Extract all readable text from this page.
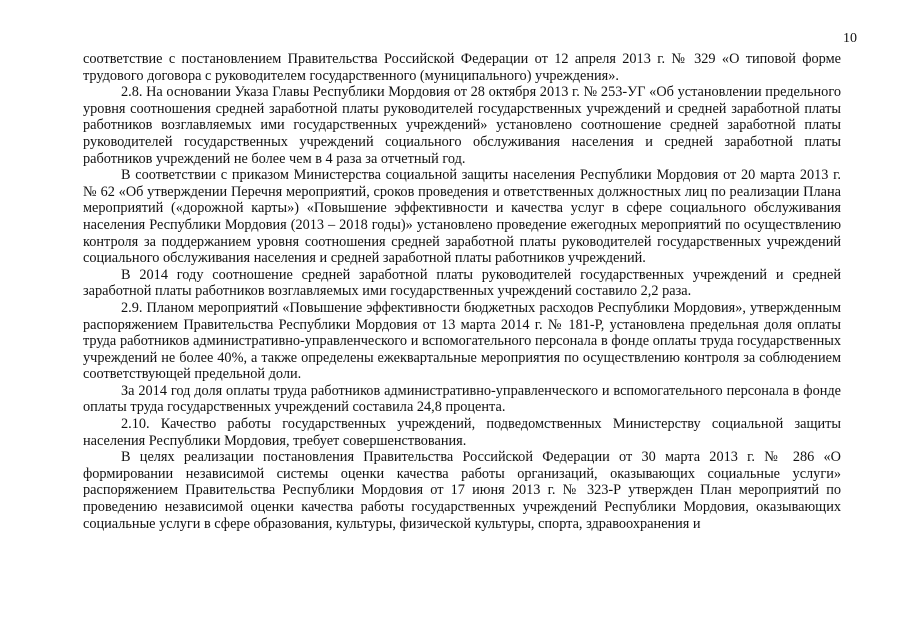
10

соответствие с постановлением Правительства Российской Федерации от 12 апреля 2013 г. № 329 «О типовой форме трудового договора с руководителем государственного (муниципального) учреждения».

2.8. На основании Указа Главы Республики Мордовия от 28 октября 2013 г. № 253-УГ «Об установлении предельного уровня соотношения средней заработной платы руководителей государственных учреждений и средней заработной платы работников возглавляемых ими государственных учреждений» установлено соотношение средней заработной платы руководителей государственных учреждений социального обслуживания населения и средней заработной платы работников учреждений не более чем в 4 раза за отчетный год.

В соответствии с приказом Министерства социальной защиты населения Республики Мордовия от 20 марта 2013 г. № 62 «Об утверждении Перечня мероприятий, сроков проведения и ответственных должностных лиц по реализации Плана мероприятий («дорожной карты») «Повышение эффективности и качества услуг в сфере социального обслуживания населения Республики Мордовия (2013 – 2018 годы)» установлено проведение ежегодных мероприятий по осуществлению контроля за поддержанием уровня соотношения средней заработной платы руководителей государственных учреждений социального обслуживания населения и средней заработной платы работников учреждений.

В 2014 году соотношение средней заработной платы руководителей государственных учреждений и средней заработной платы работников возглавляемых ими государственных учреждений составило 2,2 раза.

2.9. Планом мероприятий «Повышение эффективности бюджетных расходов Республики Мордовия», утвержденным распоряжением Правительства Республики Мордовия от 13 марта 2014 г. № 181-Р, установлена предельная доля оплаты труда работников административно-управленческого и вспомогательного персонала в фонде оплаты труда государственных учреждений не более 40%, а также определены ежеквартальные мероприятия по осуществлению контроля за соблюдением соответствующей предельной доли.

За 2014 год доля оплаты труда работников административно-управленческого и вспомогательного персонала в фонде оплаты труда государственных учреждений составила 24,8 процента.

2.10. Качество работы государственных учреждений, подведомственных Министерству социальной защиты населения Республики Мордовия, требует совершенствования.

В целях реализации постановления Правительства Российской Федерации от 30 марта 2013 г. № 286 «О формировании независимой системы оценки качества работы организаций, оказывающих социальные услуги» распоряжением Правительства Республики Мордовия от 17 июня 2013 г. № 323-Р утвержден План мероприятий по проведению независимой оценки качества работы государственных учреждений Республики Мордовия, оказывающих социальные услуги в сфере образования, культуры, физической культуры, спорта, здравоохранения и
